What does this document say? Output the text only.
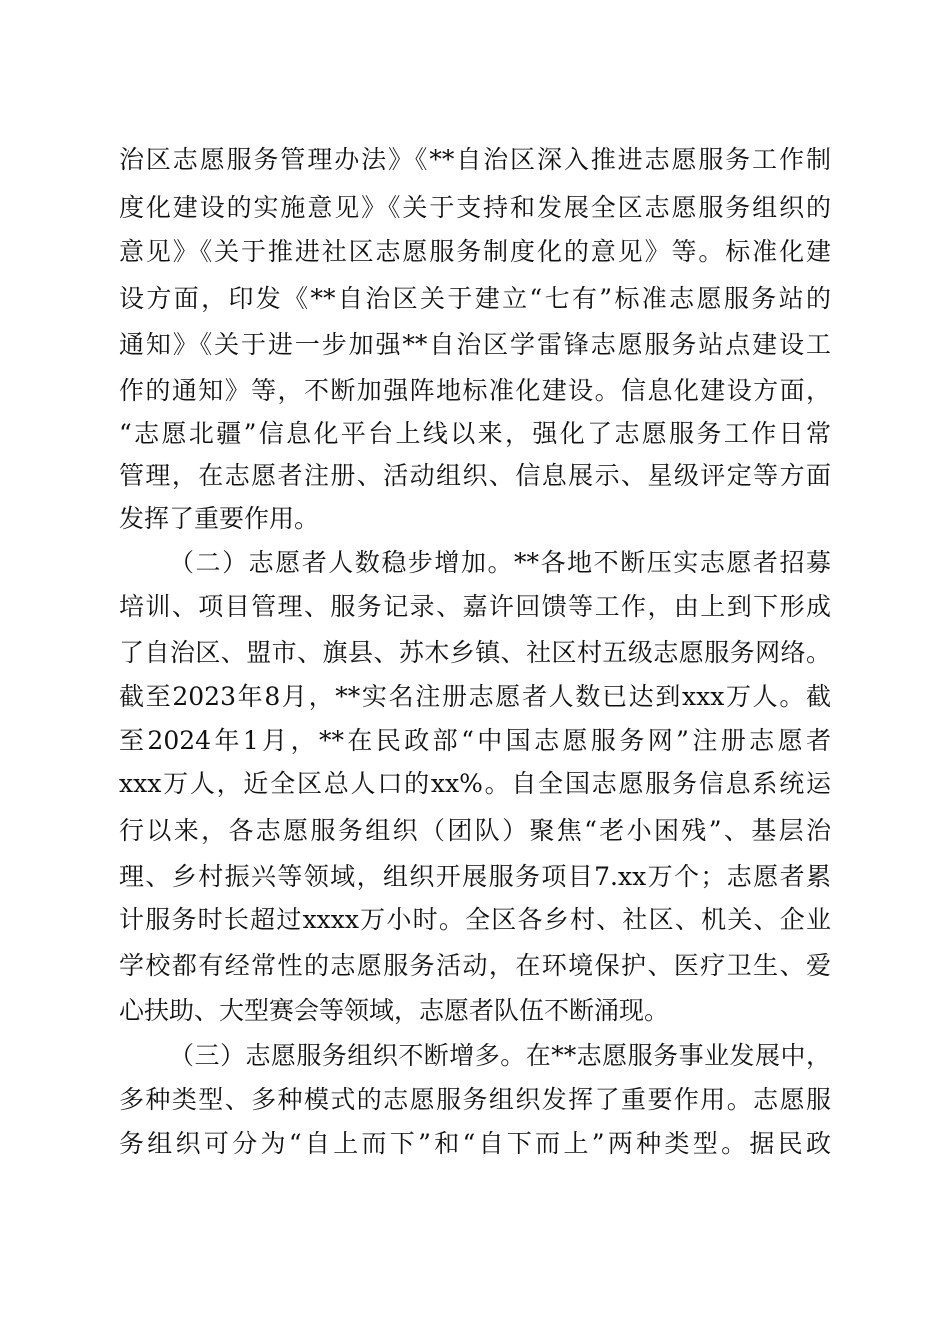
治区志愿服务管理办法》《**自治区深入推进志愿服务工作制
度化建设的实施意见》《关于支持和发展全区志愿服务组织的
意见》《关于推进社区志愿服务制度化的意见》等。标准化建
设方面，印发《**自治区关于建立“七有”标准志愿服务站的
通知》《关于进一步加强**自治区学雷锋志愿服务站点建设工
作的通知》等，不断加强阵地标准化建设。信息化建设方面，
“志愿北疆”信息化平台上线以来，强化了志愿服务工作日常
管理，在志愿者注册、活动组织、信息展示、星级评定等方面
发挥了重要作用。
（二）志愿者人数稳步增加。**各地不断压实志愿者招募
培训、项目管理、服务记录、嘉许回馈等工作，由上到下形成
了自治区、盟市、旗县、苏木乡镇、社区村五级志愿服务网络。
截至2023年8月，**实名注册志愿者人数已达到xxx万人。截
至2024年1月，**在民政部“中国志愿服务网”注册志愿者
xxx万人，近全区总人口的xx%。自全国志愿服务信息系统运
行以来，各志愿服务组织（团队）聚焦“老小困残”、基层治
理、乡村振兴等领域，组织开展服务项目7.xx万个；志愿者累
计服务时长超过xxxx万小时。全区各乡村、社区、机关、企业
学校都有经常性的志愿服务活动，在环境保护、医疗卫生、爱
心扶助、大型赛会等领域，志愿者队伍不断涌现。
（三）志愿服务组织不断增多。在**志愿服务事业发展中，
多种类型、多种模式的志愿服务组织发挥了重要作用。志愿服
务组织可分为“自上而下”和“自下而上”两种类型。据民政
